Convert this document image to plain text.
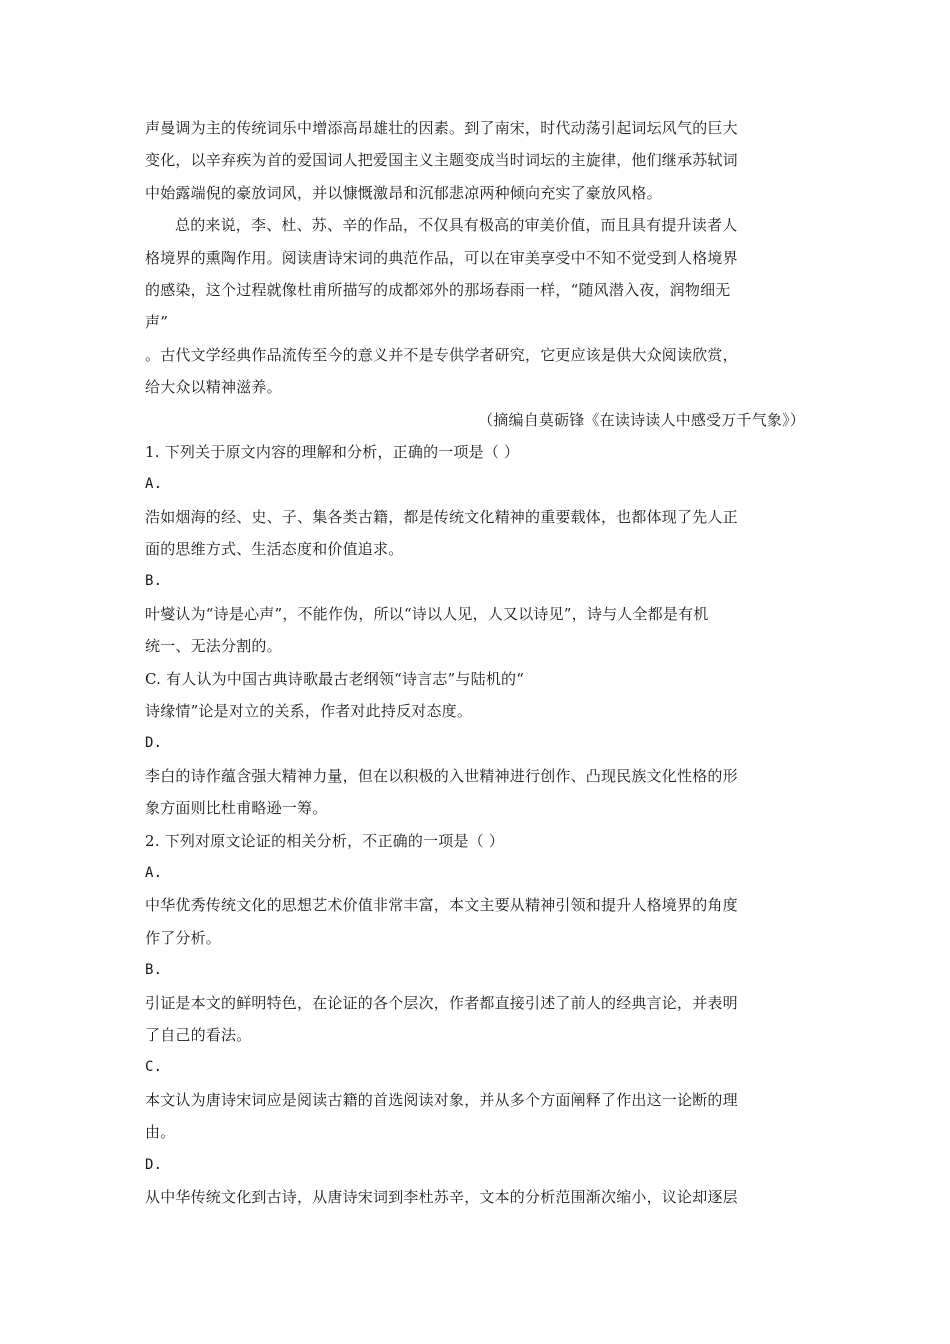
声曼调为主的传统词乐中增添高昂雄壮的因素。到了南宋，时代动荡引起词坛风气的巨大
变化，以辛弃疾为首的爱国词人把爱国主义主题变成当时词坛的主旋律，他们继承苏轼词
中始露端倪的豪放词风，并以慷慨激昂和沉郁悲凉两种倾向充实了豪放风格。
总的来说，李、杜、苏、辛的作品，不仅具有极高的审美价值，而且具有提升读者人
格境界的熏陶作用。阅读唐诗宋词的典范作品，可以在审美享受中不知不觉受到人格境界
的感染，这个过程就像杜甫所描写的成都郊外的那场春雨一样，“随风潜入夜，润物细无
声”
。古代文学经典作品流传至今的意义并不是专供学者研究，它更应该是供大众阅读欣赏，
给大众以精神滋养。
（摘编自莫砺锋《在读诗读人中感受万千气象》）
1. 下列关于原文内容的理解和分析，正确的一项是（ ）
A.
浩如烟海的经、史、子、集各类古籍，都是传统文化精神的重要载体，也都体现了先人正
面的思维方式、生活态度和价值追求。
B.
叶燮认为“诗是心声”，不能作伪，所以“诗以人见，人又以诗见”，诗与人全都是有机
统一、无法分割的。
C. 有人认为中国古典诗歌最古老纲领“诗言志”与陆机的“
诗缘情”论是对立的关系，作者对此持反对态度。
D.
李白的诗作蕴含强大精神力量，但在以积极的入世精神进行创作、凸现民族文化性格的形
象方面则比杜甫略逊一筹。
2. 下列对原文论证的相关分析，不正确的一项是（ ）
A.
中华优秀传统文化的思想艺术价值非常丰富，本文主要从精神引领和提升人格境界的角度
作了分析。
B.
引证是本文的鲜明特色，在论证的各个层次，作者都直接引述了前人的经典言论，并表明
了自己的看法。
C.
本文认为唐诗宋词应是阅读古籍的首选阅读对象，并从多个方面阐释了作出这一论断的理
由。
D.
从中华传统文化到古诗，从唐诗宋词到李杜苏辛，文本的分析范围渐次缩小，议论却逐层
